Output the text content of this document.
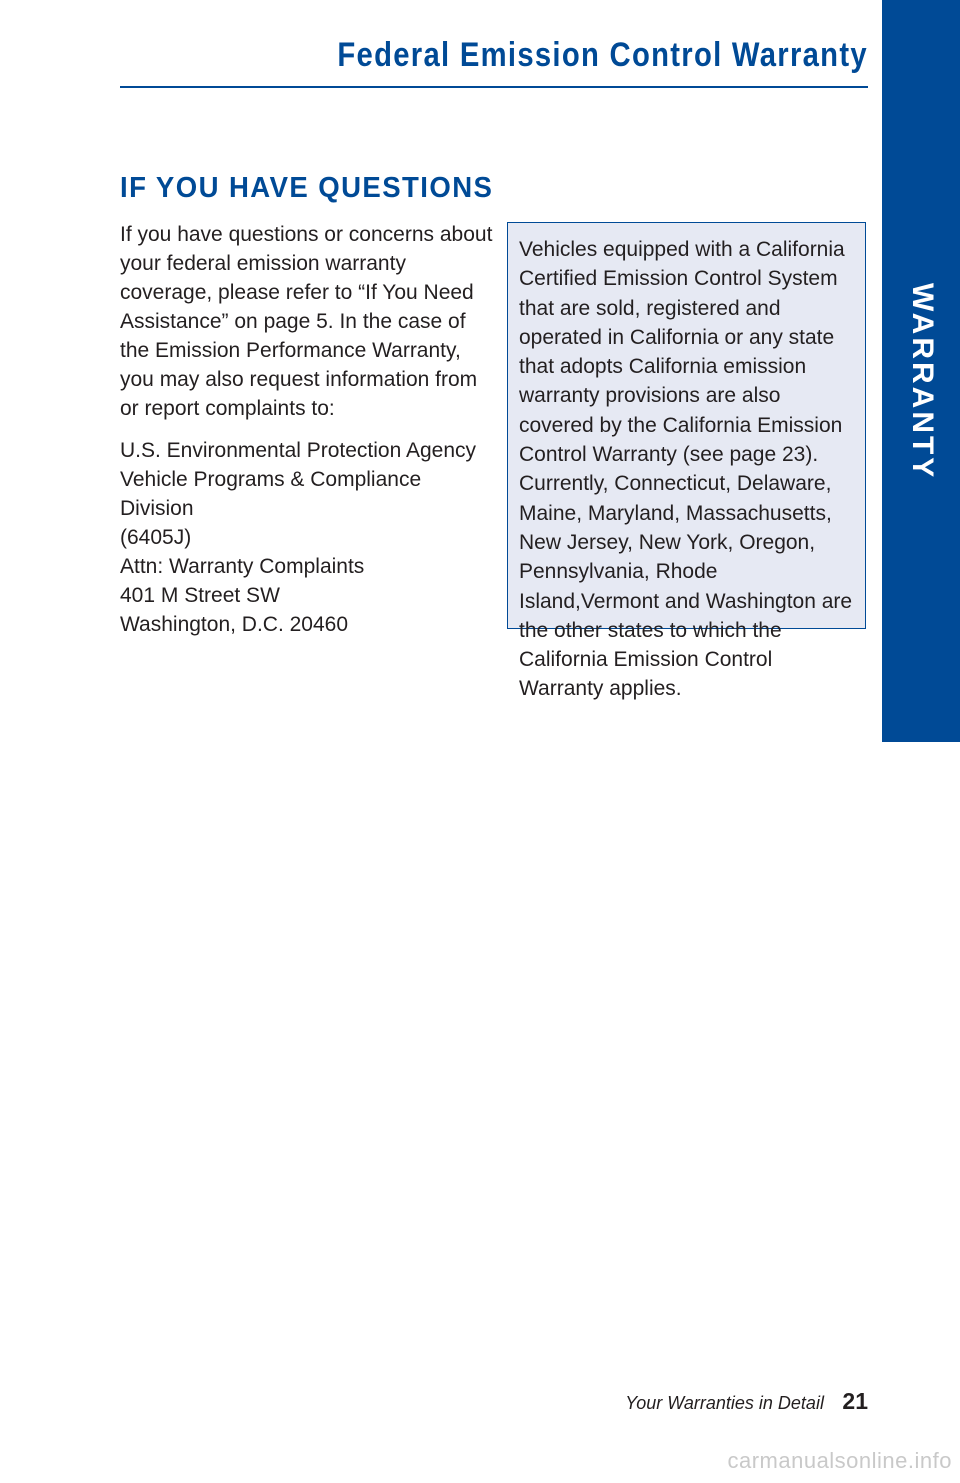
WARRANTY
Federal Emission Control Warranty
IF YOU HAVE QUESTIONS

If you have questions or concerns about your federal emission warranty coverage, please refer to “If You Need Assistance” on page 5. In the case of the Emission Performance Warranty, you may also request information from or report complaints to:

U.S. Environmental Protection Agency
Vehicle Programs & Compliance Division
(6405J)
Attn: Warranty Complaints
401 M Street SW
Washington, D.C. 20460

Vehicles equipped with a California Certified Emission Control System that are sold, registered and operated in California or any state that adopts California emission warranty provisions are also covered by the California Emission Control Warranty (see page 23). Currently, Connecticut, Delaware, Maine, Maryland, Massachusetts, New Jersey, New York, Oregon, Pennsylvania, Rhode Island,Vermont and Washington are the other states to which the California Emission Control Warranty applies.

Your Warranties in Detail 21
carmanualsonline.info
